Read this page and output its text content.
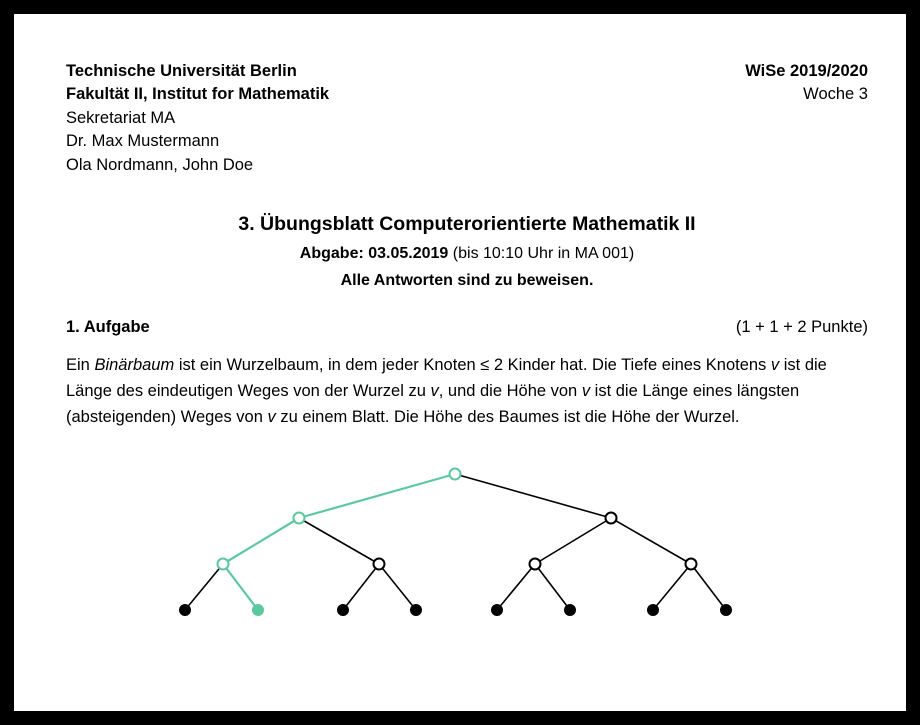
Technische Universität Berlin
Fakultät II, Institut for Mathematik
Sekretariat MA
Dr. Max Mustermann
Ola Nordmann, John Doe
WiSe 2019/2020
Woche 3
3. Übungsblatt Computerorientierte Mathematik II
Abgabe: 03.05.2019 (bis 10:10 Uhr in MA 001)
Alle Antworten sind zu beweisen.
1. Aufgabe	(1 + 1 + 2 Punkte)
Ein Binärbaum ist ein Wurzelbaum, in dem jeder Knoten ≤ 2 Kinder hat. Die Tiefe eines Knotens v ist die Länge des eindeutigen Weges von der Wurzel zu v, und die Höhe von v ist die Länge eines längsten (absteigenden) Weges von v zu einem Blatt. Die Höhe des Baumes ist die Höhe der Wurzel.
